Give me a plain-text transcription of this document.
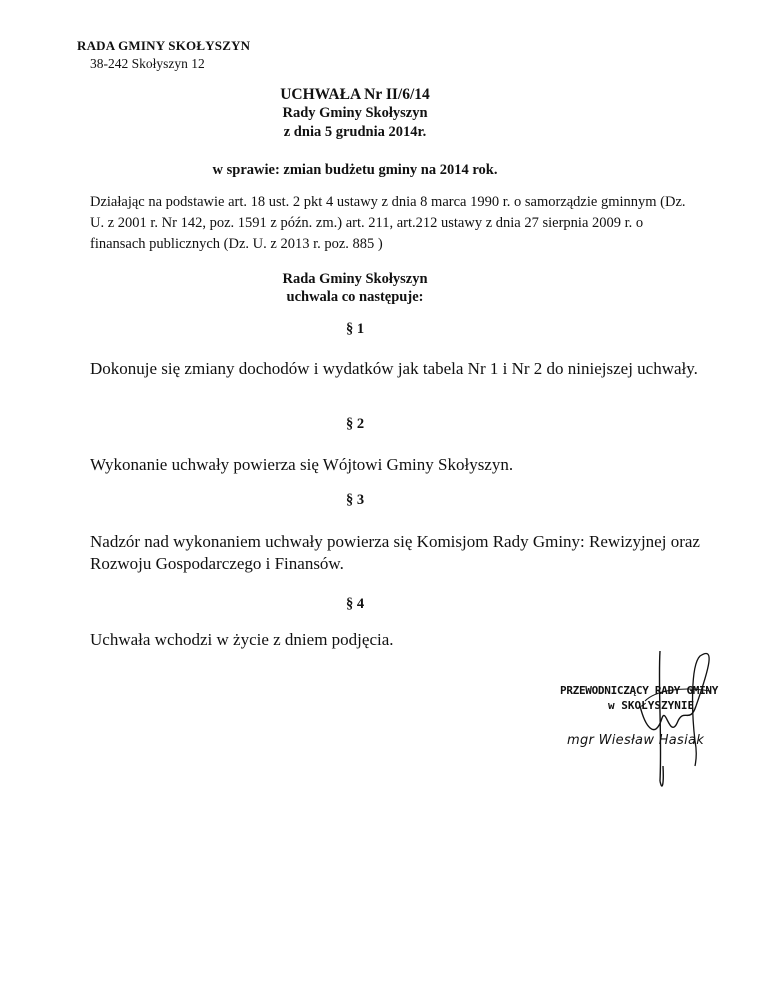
RADA GMINY SKOŁYSZYN
38-242 Skołyszyn 12
UCHWAŁA Nr II/6/14
Rady Gminy Skołyszyn
z dnia 5 grudnia 2014r.
w sprawie: zmian budżetu gminy na 2014 rok.
Działając na podstawie art. 18 ust. 2 pkt 4 ustawy z dnia 8 marca 1990 r. o samorządzie gminnym (Dz. U. z 2001 r. Nr 142, poz. 1591 z późn. zm.) art. 211, art.212 ustawy z dnia 27 sierpnia 2009 r. o finansach publicznych (Dz. U. z 2013 r. poz. 885 )
Rada Gminy Skołyszyn
uchwala co następuje:
§ 1
Dokonuje się zmiany dochodów i wydatków jak tabela Nr 1 i Nr 2 do niniejszej uchwały.
§ 2
Wykonanie uchwały powierza się Wójtowi Gminy Skołyszyn.
§ 3
Nadzór nad wykonaniem uchwały powierza się Komisjom Rady Gminy: Rewizyjnej oraz Rozwoju Gospodarczego i Finansów.
§ 4
Uchwała wchodzi w życie z dniem podjęcia.
PRZEWODNICZĄCY RADY GMINY
w SKOŁYSZYNIE
mgr Wiesław Hasiak
